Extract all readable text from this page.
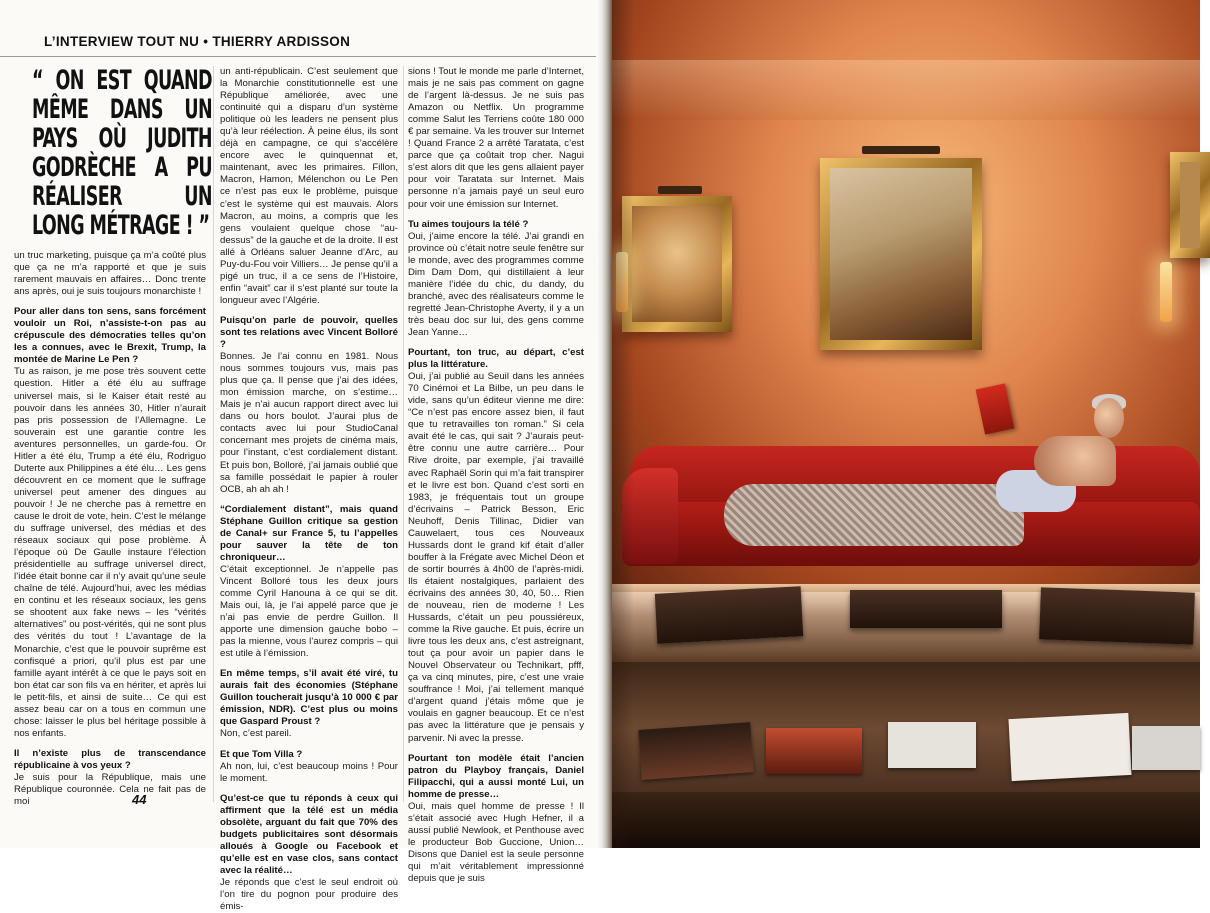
L’INTERVIEW TOUT NU • THIERRY ARDISSON
“ ON EST QUAND MÊME DANS UN PAYS OÙ JUDITH GODRÈCHE A PU RÉALISER UN LONG MÉTRAGE ! ”

un truc marketing, puisque ça m’a coûté plus que ça ne m’a rapporté et que je suis rarement mauvais en affaires… Donc trente ans après, oui je suis toujours monarchiste !

Pour aller dans ton sens, sans forcément vouloir un Roi, n’assiste-t-on pas au crépuscule des démocraties telles qu’on les a connues, avec le Brexit, Trump, la montée de Marine Le Pen ?

Tu as raison, je me pose très souvent cette question. Hitler a été élu au suffrage universel mais, si le Kaiser était resté au pouvoir dans les années 30, Hitler n’aurait pas pris possession de l’Allemagne. Le souverain est une garantie contre les aventures personnelles, un garde-fou. Or Hitler a été élu, Trump a été élu, Rodriguo Duterte aux Philippines a été élu… Les gens découvrent en ce moment que le suffrage universel peut amener des dingues au pouvoir ! Je ne cherche pas à remettre en cause le droit de vote, hein. C’est le mélange du suffrage universel, des médias et des réseaux sociaux qui pose problème. À l’époque où De Gaulle instaure l’élection présidentielle au suffrage universel direct, l’idée était bonne car il n’y avait qu’une seule chaîne de télé. Aujourd’hui, avec les médias en continu et les réseaux sociaux, les gens se shootent aux fake news – les “vérités alternatives” ou post-vérités, qui ne sont plus des vérités du tout ! L’avantage de la Monarchie, c’est que le pouvoir suprême est confisqué a priori, qu’il plus est par une famille ayant intérêt à ce que le pays soit en bon état car son fils va en hériter, et après lui le petit-fils, et ainsi de suite… Ce qui est assez beau car on a tous en commun une chose: laisser le plus bel héritage possible à nos enfants.

Il n’existe plus de transcendance républicaine à vos yeux ?

Je suis pour la République, mais une République couronnée. Cela ne fait pas de moi

un anti-républicain. C’est seulement que la Monarchie constitutionnelle est une République améliorée, avec une continuité qui a disparu d’un système politique où les leaders ne pensent plus qu’à leur réélection. À peine élus, ils sont déjà en campagne, ce qui s’accélère encore avec le quinquennat et, maintenant, avec les primaires. Fillon, Macron, Hamon, Mélenchon ou Le Pen ce n’est pas eux le problème, puisque c’est le système qui est mauvais. Alors Macron, au moins, a compris que les gens voulaient quelque chose “au-dessus” de la gauche et de la droite. Il est allé à Orléans saluer Jeanne d’Arc, au Puy-du-Fou voir Villiers… Je pense qu’il a pigé un truc, il a ce sens de l’Histoire, enfin “avait” car il s’est planté sur toute la longueur avec l’Algérie.

Puisqu’on parle de pouvoir, quelles sont tes relations avec Vincent Bolloré ?

Bonnes. Je l’ai connu en 1981. Nous nous sommes toujours vus, mais pas plus que ça. Il pense que j’ai des idées, mon émission marche, on s’estime… Mais je n’ai aucun rapport direct avec lui dans ou hors boulot. J’aurai plus de contacts avec lui pour StudioCanal concernant mes projets de cinéma mais, pour l’instant, c’est cordialement distant. Et puis bon, Bolloré, j’ai jamais oublié que sa famille possédait le papier à rouler OCB, ah ah ah !

“Cordialement distant”, mais quand Stéphane Guillon critique sa gestion de Canal+ sur France 5, tu l’appelles pour sauver la tête de ton chroniqueur…

C’était exceptionnel. Je n’appelle pas Vincent Bolloré tous les deux jours comme Cyril Hanouna à ce qui se dit. Mais oui, là, je l’ai appelé parce que je n’ai pas envie de perdre Guillon. Il apporte une dimension gauche bobo – pas la mienne, vous l’aurez compris – qui est utile à l’émission.

En même temps, s’il avait été viré, tu aurais fait des économies (Stéphane Guillon toucherait jusqu’à 10 000 € par émission, NDR). C’est plus ou moins que Gaspard Proust ?

Non, c’est pareil.

Et que Tom Villa ?

Ah non, lui, c’est beaucoup moins ! Pour le moment.

Qu’est-ce que tu réponds à ceux qui affirment que la télé est un média obsolète, arguant du fait que 70% des budgets publicitaires sont désormais alloués à Google ou Facebook et qu’elle est en vase clos, sans contact avec la réalité…

Je réponds que c’est le seul endroit où l’on tire du pognon pour produire des émis-

sions ! Tout le monde me parle d’Internet, mais je ne sais pas comment on gagne de l’argent là-dessus. Je ne suis pas Amazon ou Netflix. Un programme comme Salut les Terriens coûte 180 000 € par semaine. Va les trouver sur Internet ! Quand France 2 a arrêté Taratata, c’est parce que ça coûtait trop cher. Nagui s’est alors dit que les gens allaient payer pour voir Taratata sur Internet. Mais personne n’a jamais payé un seul euro pour voir une émission sur Internet.

Tu aimes toujours la télé ?

Oui, j’aime encore la télé. J’ai grandi en province où c’était notre seule fenêtre sur le monde, avec des programmes comme Dim Dam Dom, qui distillaient à leur manière l’idée du chic, du dandy, du branché, avec des réalisateurs comme le regretté Jean-Christophe Averty, il y a un très beau doc sur lui, des gens comme Jean Yanne…

Pourtant, ton truc, au départ, c’est plus la littérature.

Oui, j’ai publié au Seuil dans les années 70 Cinémoi et La Bilbe, un peu dans le vide, sans qu’un éditeur vienne me dire: “Ce n’est pas encore assez bien, il faut que tu retravailles ton roman.” Si cela avait été le cas, qui sait ? J’aurais peut-être connu une autre carrière… Pour Rive droite, par exemple, j’ai travaillé avec Raphaël Sorin qui m’a fait transpirer et le livre est bon. Quand c’est sorti en 1983, je fréquentais tout un groupe d’écrivains – Patrick Besson, Eric Neuhoff, Denis Tillinac, Didier van Cauwelaert, tous ces Nouveaux Hussards dont le grand kif était d’aller bouffer à la Frégate avec Michel Déon et de sortir bourrés à 4h00 de l’après-midi. Ils étaient nostalgiques, parlaient des écrivains des années 30, 40, 50… Rien de nouveau, rien de moderne ! Les Hussards, c’était un peu poussiéreux, comme la Rive gauche. Et puis, écrire un livre tous les deux ans, c’est astreignant, tout ça pour avoir un papier dans le Nouvel Observateur ou Technikart, pfff, ça va cinq minutes, pire, c’est une vraie souffrance ! Moi, j’ai tellement manqué d’argent quand j’étais môme que je voulais en gagner beaucoup. Et ce n’est pas avec la littérature que je pensais y parvenir. Ni avec la presse.

Pourtant ton modèle était l’ancien patron du Playboy français, Daniel Filipacchi, qui a aussi monté Lui, un homme de presse…

Oui, mais quel homme de presse ! Il s’était associé avec Hugh Hefner, il a aussi publié Newlook, et Penthouse avec le producteur Bob Guccione, Union… Disons que Daniel est la seule personne qui m’ait véritablement impressionné depuis que je suis

44
